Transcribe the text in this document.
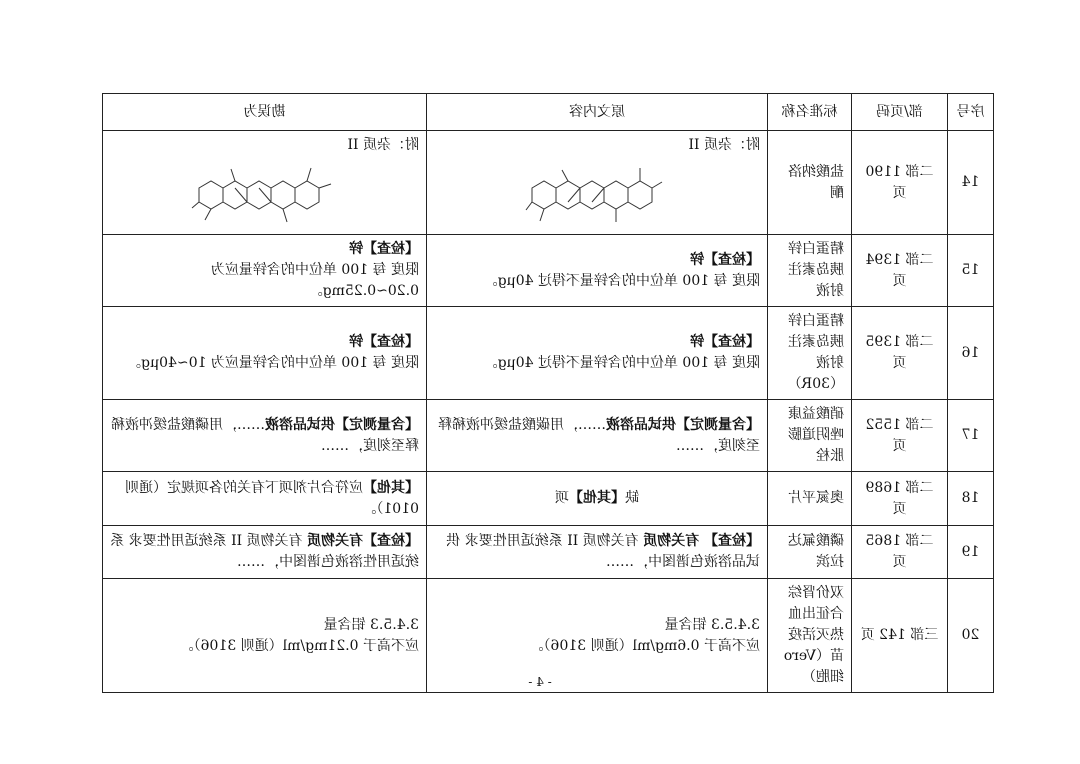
序号	部/页码	标准名称	原文内容	勘误为
14	二部 1190 页	盐酸纳洛酮	附：杂质 II	附：杂质 II

15	二部 1394 页	精蛋白锌胰岛素注射液	【检查】锌
限度 每 100 单位中的含锌量不得过 40μg。	【检查】锌
限度 每 100 单位中的含锌量应为 0.20~0.25mg。
16	二部 1395 页	精蛋白锌胰岛素注射液（30R）	【检查】锌
限度 每 100 单位中的含锌量不得过 40μg。	【检查】锌
限度 每 100 单位中的含锌量应为 10~40μg。
17	二部 1552 页	硝酸益康唑阴道膨胀栓	【含量测定】供试品溶液……，用碳酸盐缓冲液稀释至刻度，……	【含量测定】供试品溶液……，用磷酸盐缓冲液稀释至刻度，……
18	二部 1689 页	奥氮平片	缺【其他】项	【其他】应符合片剂项下有关的各项规定（通则 0101）。
19	二部 1865 页	磷酸氟达拉滨	【检查】 有关物质 有关物质 II 系统适用性要求 供试品溶液色谱图中，……	【检查】有关物质 有关物质 II 系统适用性要求 系统适用性溶液色谱图中，……
20	三部 142 页	双价肾综合征出血热灭活疫苗（Vero 细胞）	3.4.5.3 铝含量
应不高于 0.6mg/ml（通则 3106）。	3.4.5.3 铝含量
应不高于 0.21mg/ml（通则 3106）。
- 4 -
